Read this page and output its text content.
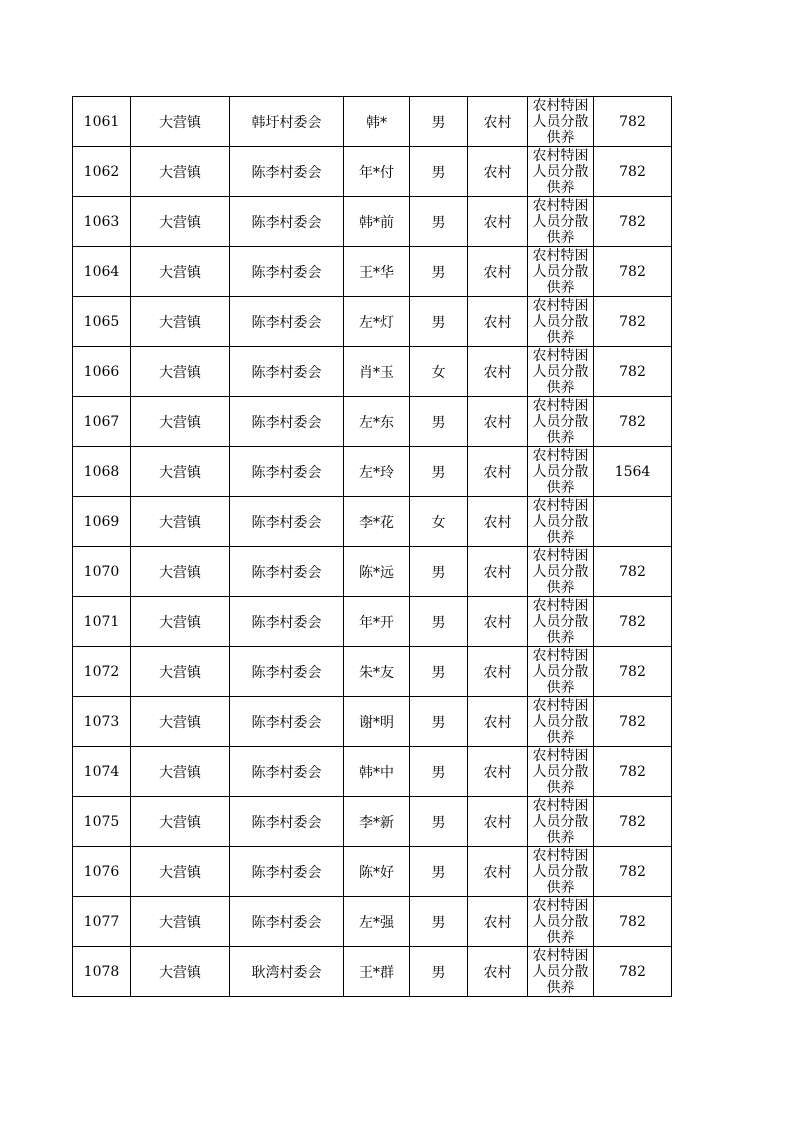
1061	大营镇	韩圩村委会	韩*	男	农村	农村特困人员分散供养	782
1062	大营镇	陈李村委会	年*付	男	农村	农村特困人员分散供养	782
1063	大营镇	陈李村委会	韩*前	男	农村	农村特困人员分散供养	782
1064	大营镇	陈李村委会	王*华	男	农村	农村特困人员分散供养	782
1065	大营镇	陈李村委会	左*灯	男	农村	农村特困人员分散供养	782
1066	大营镇	陈李村委会	肖*玉	女	农村	农村特困人员分散供养	782
1067	大营镇	陈李村委会	左*东	男	农村	农村特困人员分散供养	782
1068	大营镇	陈李村委会	左*玲	男	农村	农村特困人员分散供养	1564
1069	大营镇	陈李村委会	李*花	女	农村	农村特困人员分散供养	

1070	大营镇	陈李村委会	陈*远	男	农村	农村特困人员分散供养	782
1071	大营镇	陈李村委会	年*开	男	农村	农村特困人员分散供养	782
1072	大营镇	陈李村委会	朱*友	男	农村	农村特困人员分散供养	782
1073	大营镇	陈李村委会	谢*明	男	农村	农村特困人员分散供养	782
1074	大营镇	陈李村委会	韩*中	男	农村	农村特困人员分散供养	782
1075	大营镇	陈李村委会	李*新	男	农村	农村特困人员分散供养	782
1076	大营镇	陈李村委会	陈*好	男	农村	农村特困人员分散供养	782
1077	大营镇	陈李村委会	左*强	男	农村	农村特困人员分散供养	782
1078	大营镇	耿湾村委会	王*群	男	农村	农村特困人员分散供养	782
